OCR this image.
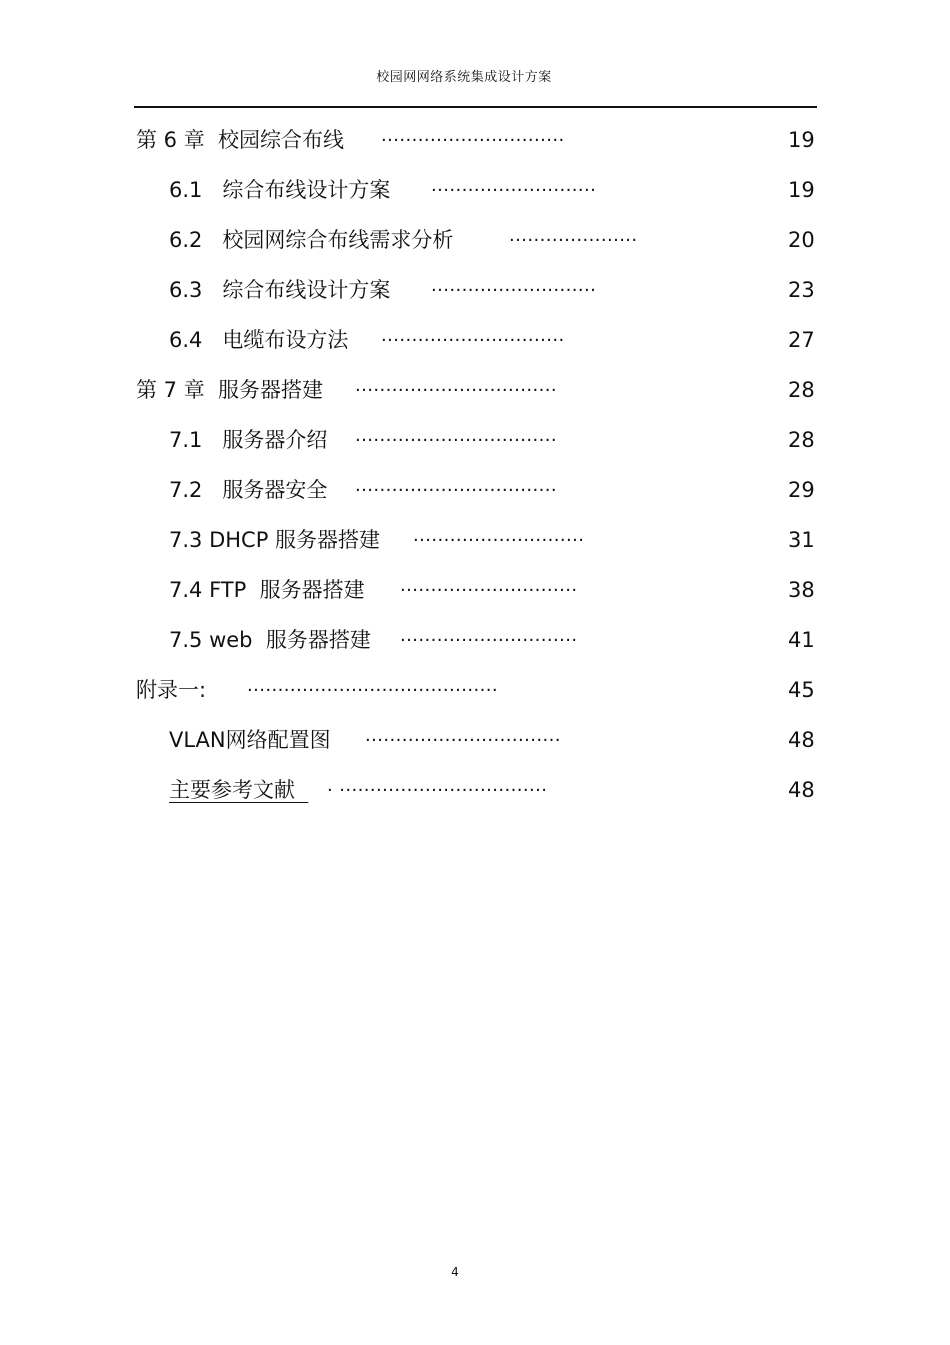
校园网网络系统集成设计方案
第 6 章  校园综合布线 ..............................	19
6.1   综合布线设计方案 ...........................	19
6.2   校园网综合布线需求分析	.....................	20
6.3   综合布线设计方案 ...........................	23
6.4   电缆布设方法 ..............................	27
第 7 章  服务器搭建 .................................	28
7.1   服务器介绍 .................................	28
7.2   服务器安全 .................................	29
7.3 DHCP 服务器搭建 ............................	31
7.4 FTP  服务器搭建 .............................	38
7.5 web  服务器搭建 .............................	41
附录一: .........................................	45
VLAN网络配置图 ................................	48
主要参考文献 . ..................................	48
4
